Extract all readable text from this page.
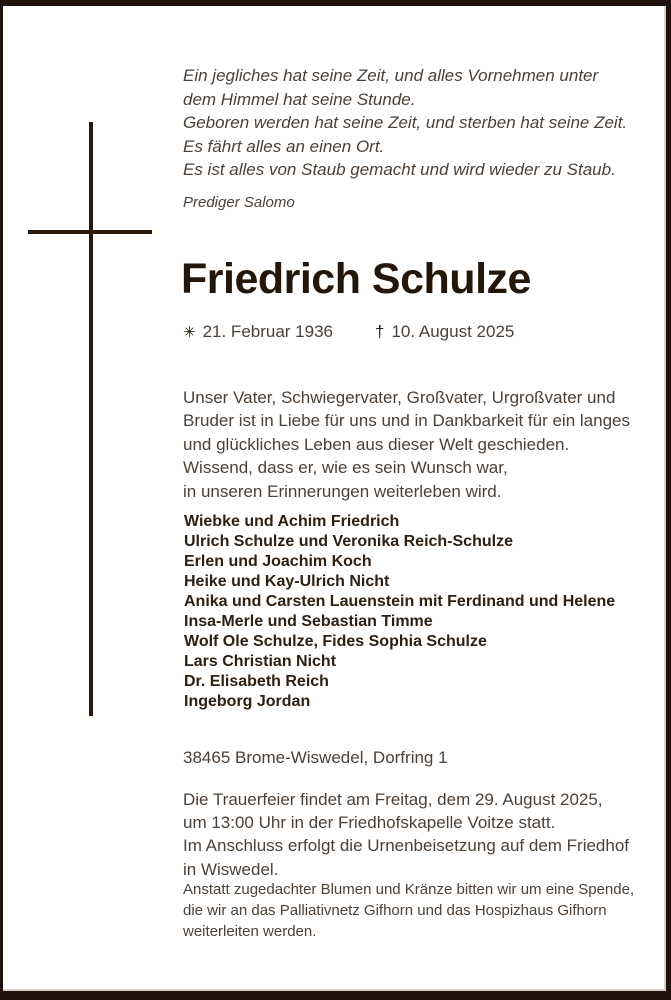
Ein jegliches hat seine Zeit, und alles Vornehmen unter
dem Himmel hat seine Stunde.
Geboren werden hat seine Zeit, und sterben hat seine Zeit.
Es fährt alles an einen Ort.
Es ist alles von Staub gemacht und wird wieder zu Staub.
Prediger Salomo
Friedrich Schulze
✳ 21. Februar 1936 † 10. August 2025
Unser Vater, Schwiegervater, Großvater, Urgroßvater und
Bruder ist in Liebe für uns und in Dankbarkeit für ein langes
und glückliches Leben aus dieser Welt geschieden.
Wissend, dass er, wie es sein Wunsch war,
in unseren Erinnerungen weiterleben wird.
Wiebke und Achim Friedrich
Ulrich Schulze und Veronika Reich-Schulze
Erlen und Joachim Koch
Heike und Kay-Ulrich Nicht
Anika und Carsten Lauenstein mit Ferdinand und Helene
Insa-Merle und Sebastian Timme
Wolf Ole Schulze, Fides Sophia Schulze
Lars Christian Nicht
Dr. Elisabeth Reich
Ingeborg Jordan
38465 Brome-Wiswedel, Dorfring 1
Die Trauerfeier findet am Freitag, dem 29. August 2025,
um 13:00 Uhr in der Friedhofskapelle Voitze statt.
Im Anschluss erfolgt die Urnenbeisetzung auf dem Friedhof
in Wiswedel.
Anstatt zugedachter Blumen und Kränze bitten wir um eine Spende,
die wir an das Palliativnetz Gifhorn und das Hospizhaus Gifhorn
weiterleiten werden.
